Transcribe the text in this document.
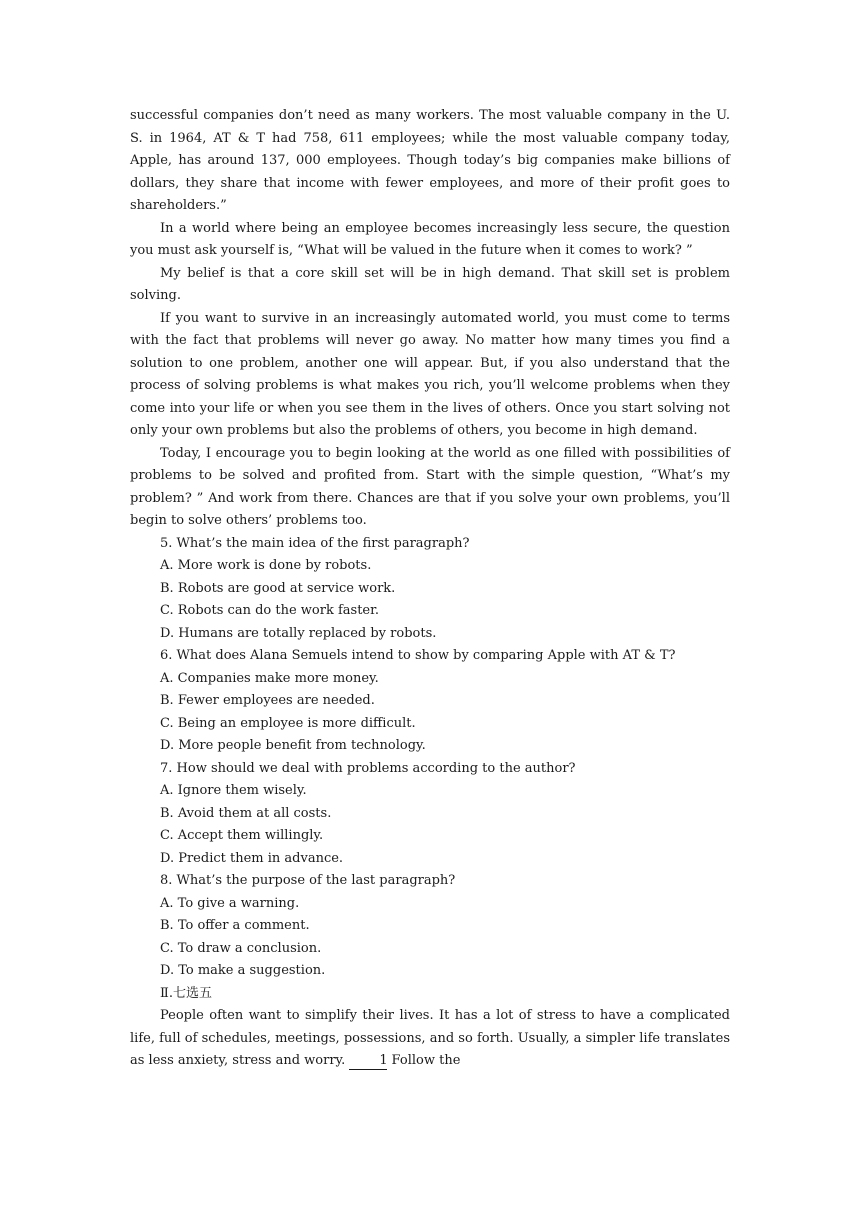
successful companies don’t need as many workers. The most valuable company in the U. S. in 1964, AT & T had 758, 611 employees; while the most valuable company today, Apple, has around 137, 000 employees. Though today’s big companies make billions of dollars, they share that income with fewer employees, and more of their profit goes to shareholders.”

In a world where being an employee becomes increasingly less secure, the question you must ask yourself is, “What will be valued in the future when it comes to work? ”

My belief is that a core skill set will be in high demand. That skill set is problem solving.

If you want to survive in an increasingly automated world, you must come to terms with the fact that problems will never go away. No matter how many times you find a solution to one problem, another one will appear. But, if you also understand that the process of solving problems is what makes you rich, you’ll welcome problems when they come into your life or when you see them in the lives of others. Once you start solving not only your own problems but also the problems of others, you become in high demand.

Today, I encourage you to begin looking at the world as one filled with possibilities of problems to be solved and profited from. Start with the simple question, “What’s my problem? ” And work from there. Chances are that if you solve your own problems, you’ll begin to solve others’ problems too.

5. What’s the main idea of the first paragraph?

A. More work is done by robots.

B. Robots are good at service work.

C. Robots can do the work faster.

D. Humans are totally replaced by robots.

6. What does Alana Semuels intend to show by comparing Apple with AT & T?

A. Companies make more money.

B. Fewer employees are needed.

C. Being an employee is more difficult.

D. More people benefit from technology.

7. How should we deal with problems according to the author?

A. Ignore them wisely.

B. Avoid them at all costs.

C. Accept them willingly.

D. Predict them in advance.

8. What’s the purpose of the last paragraph?

A. To give a warning.

B. To offer a comment.

C. To draw a conclusion.

D. To make a suggestion.

Ⅱ.七选五

People often want to simplify their lives. It has a lot of stress to have a complicated life, full of schedules, meetings, possessions, and so forth. Usually, a simpler life translates as less anxiety, stress and worry. 1 Follow the
